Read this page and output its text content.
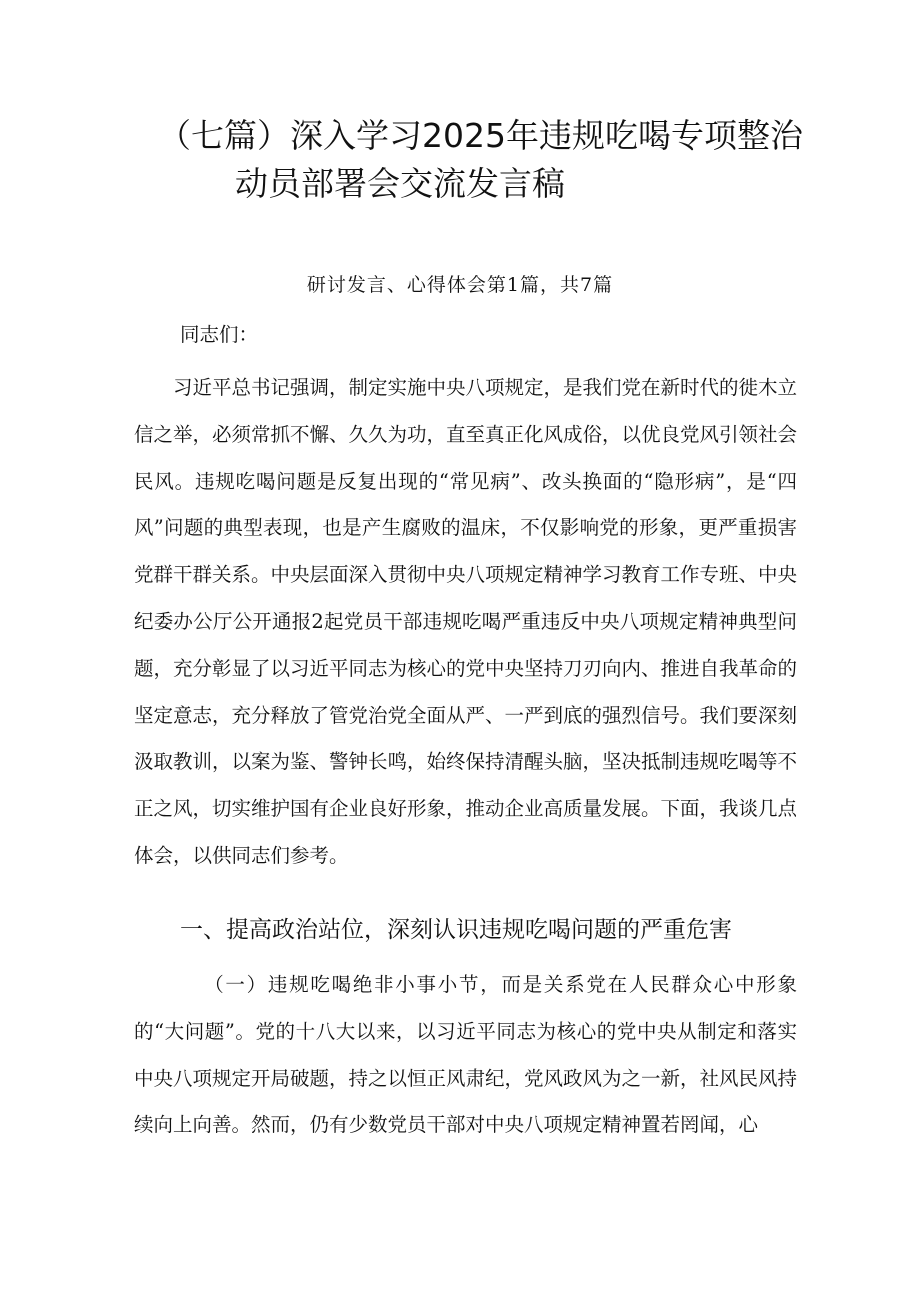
（七篇）深入学习2025年违规吃喝专项整治
动员部署会交流发言稿
研讨发言、心得体会第1篇，共7篇
同志们：

习近平总书记强调，制定实施中央八项规定，是我们党在新时代的徙木立信之举，必须常抓不懈、久久为功，直至真正化风成俗，以优良党风引领社会民风。违规吃喝问题是反复出现的“常见病”、改头换面的“隐形病”，是“四风”问题的典型表现，也是产生腐败的温床，不仅影响党的形象，更严重损害党群干群关系。中央层面深入贯彻中央八项规定精神学习教育工作专班、中央纪委办公厅公开通报2起党员干部违规吃喝严重违反中央八项规定精神典型问题，充分彰显了以习近平同志为核心的党中央坚持刀刃向内、推进自我革命的坚定意志，充分释放了管党治党全面从严、一严到底的强烈信号。我们要深刻汲取教训，以案为鉴、警钟长鸣，始终保持清醒头脑，坚决抵制违规吃喝等不正之风，切实维护国有企业良好形象，推动企业高质量发展。下面，我谈几点体会，以供同志们参考。

一、提高政治站位，深刻认识违规吃喝问题的严重危害

（一）违规吃喝绝非小事小节，而是关系党在人民群众心中形象的“大问题”。党的十八大以来，以习近平同志为核心的党中央从制定和落实中央八项规定开局破题，持之以恒正风肃纪，党风政风为之一新，社风民风持续向上向善。然而，仍有少数党员干部对中央八项规定精神置若罔闻，心
